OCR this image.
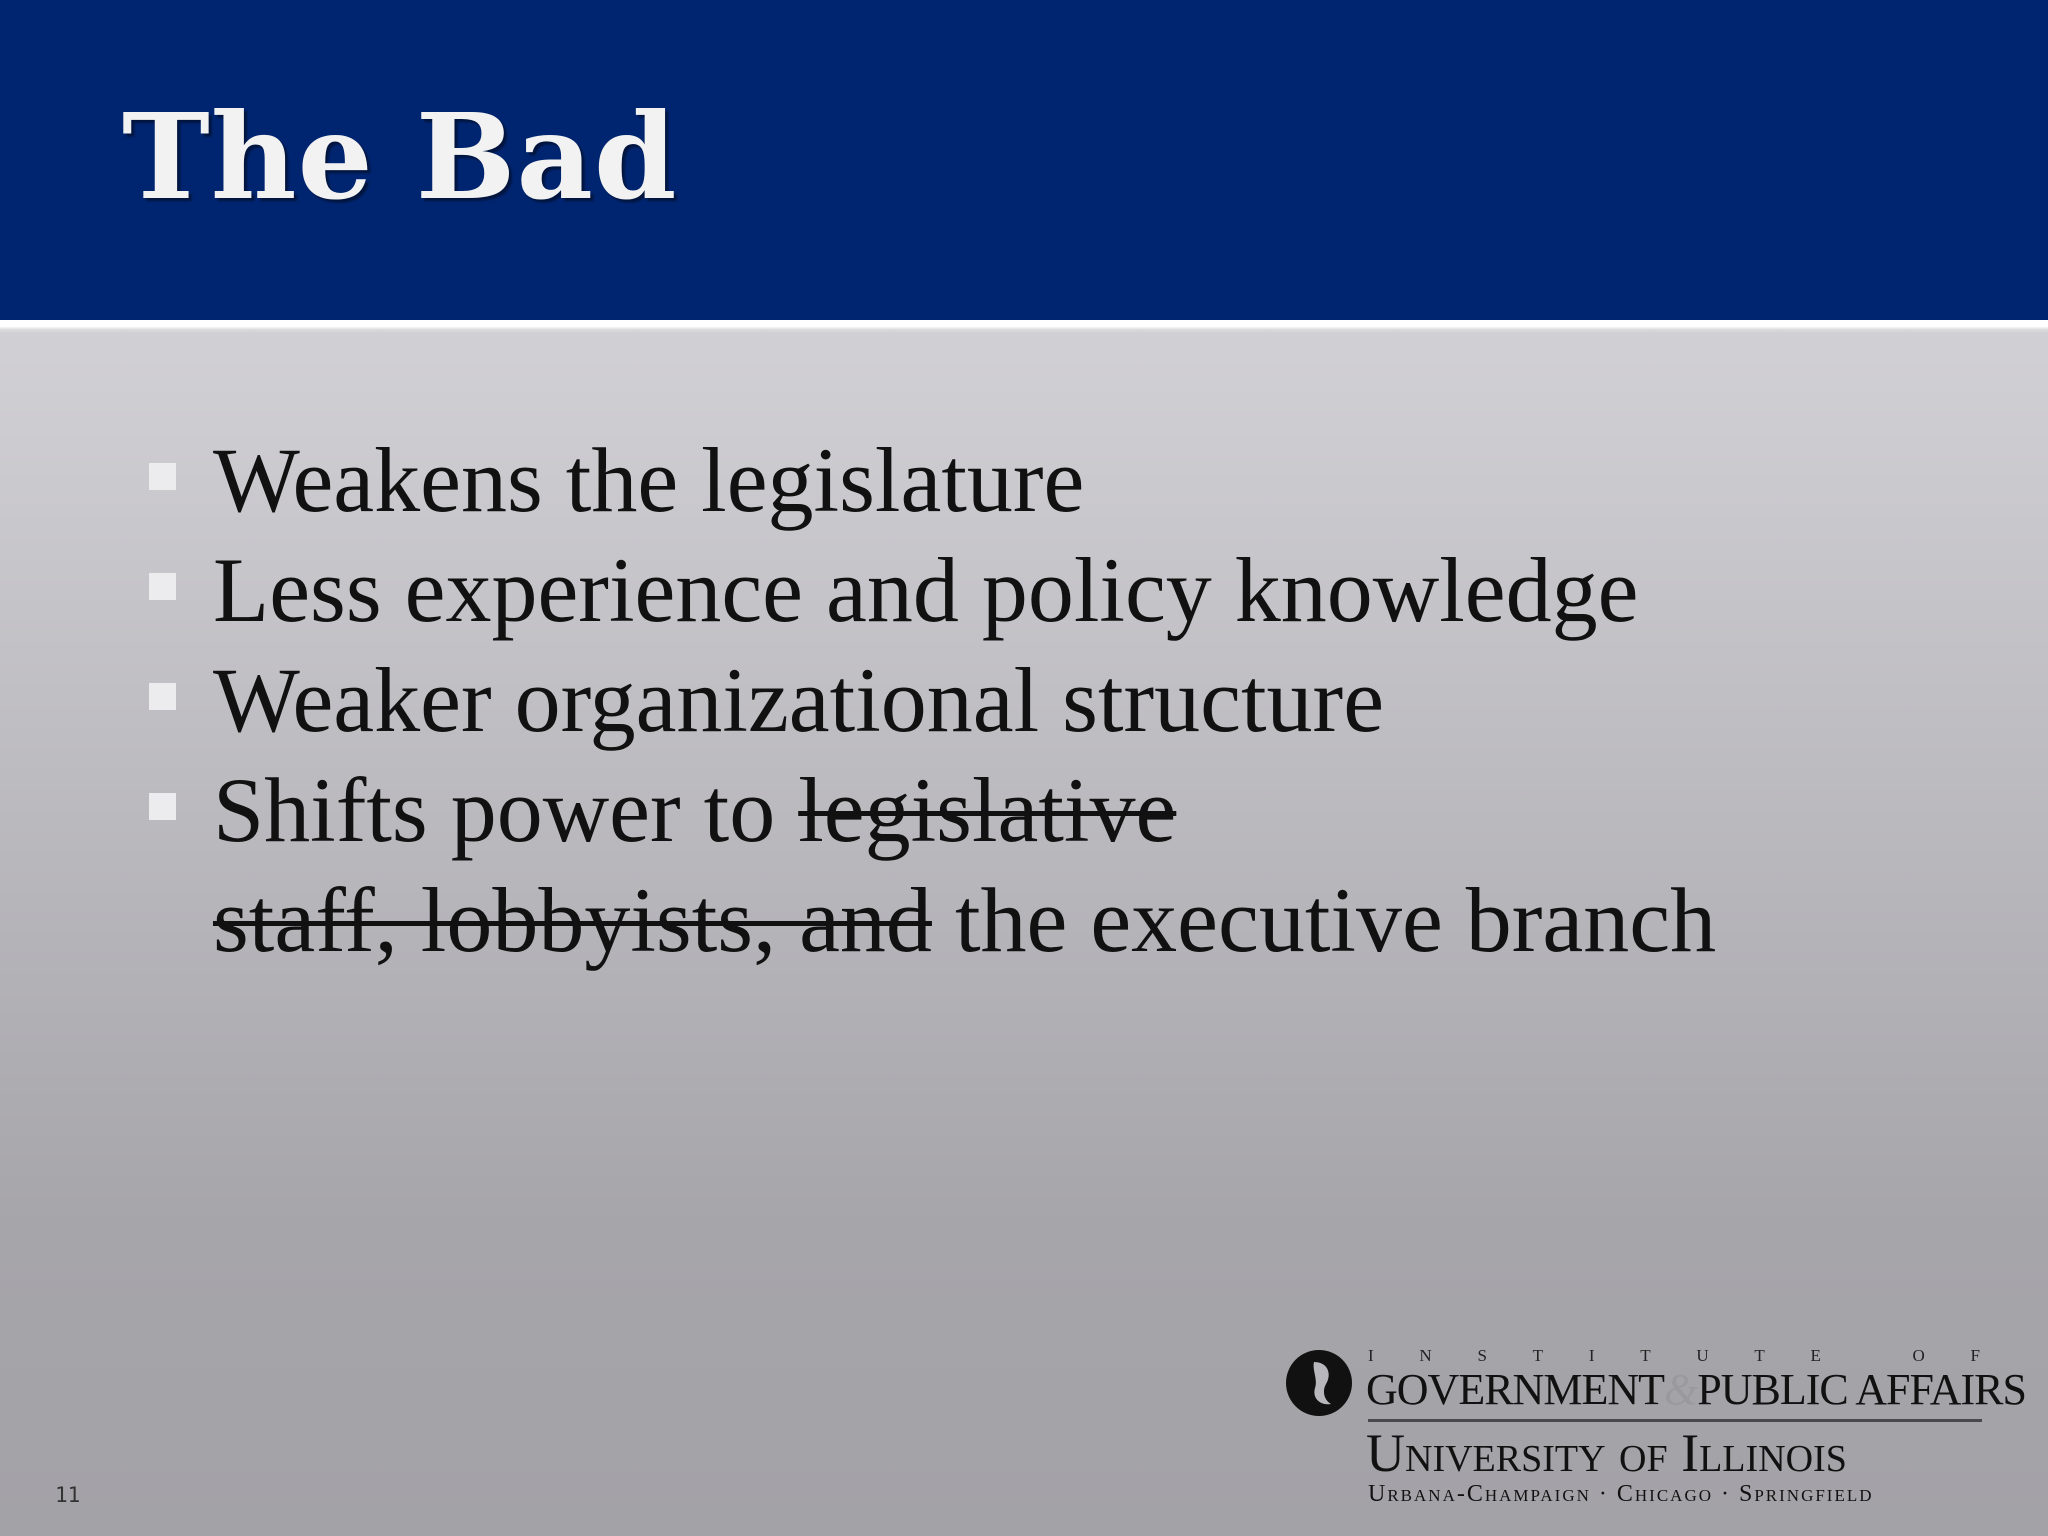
The Bad
Weakens the legislature
Less experience and policy knowledge
Weaker organizational structure
Shifts power to legislative
staff, lobbyists, and the executive branch
11
I	N	S	T	I	T	U	T	E	O	F
GOVERNMENT&PUBLIC AFFAIRS
University of Illinois
Urbana-Champaign · Chicago · Springfield
